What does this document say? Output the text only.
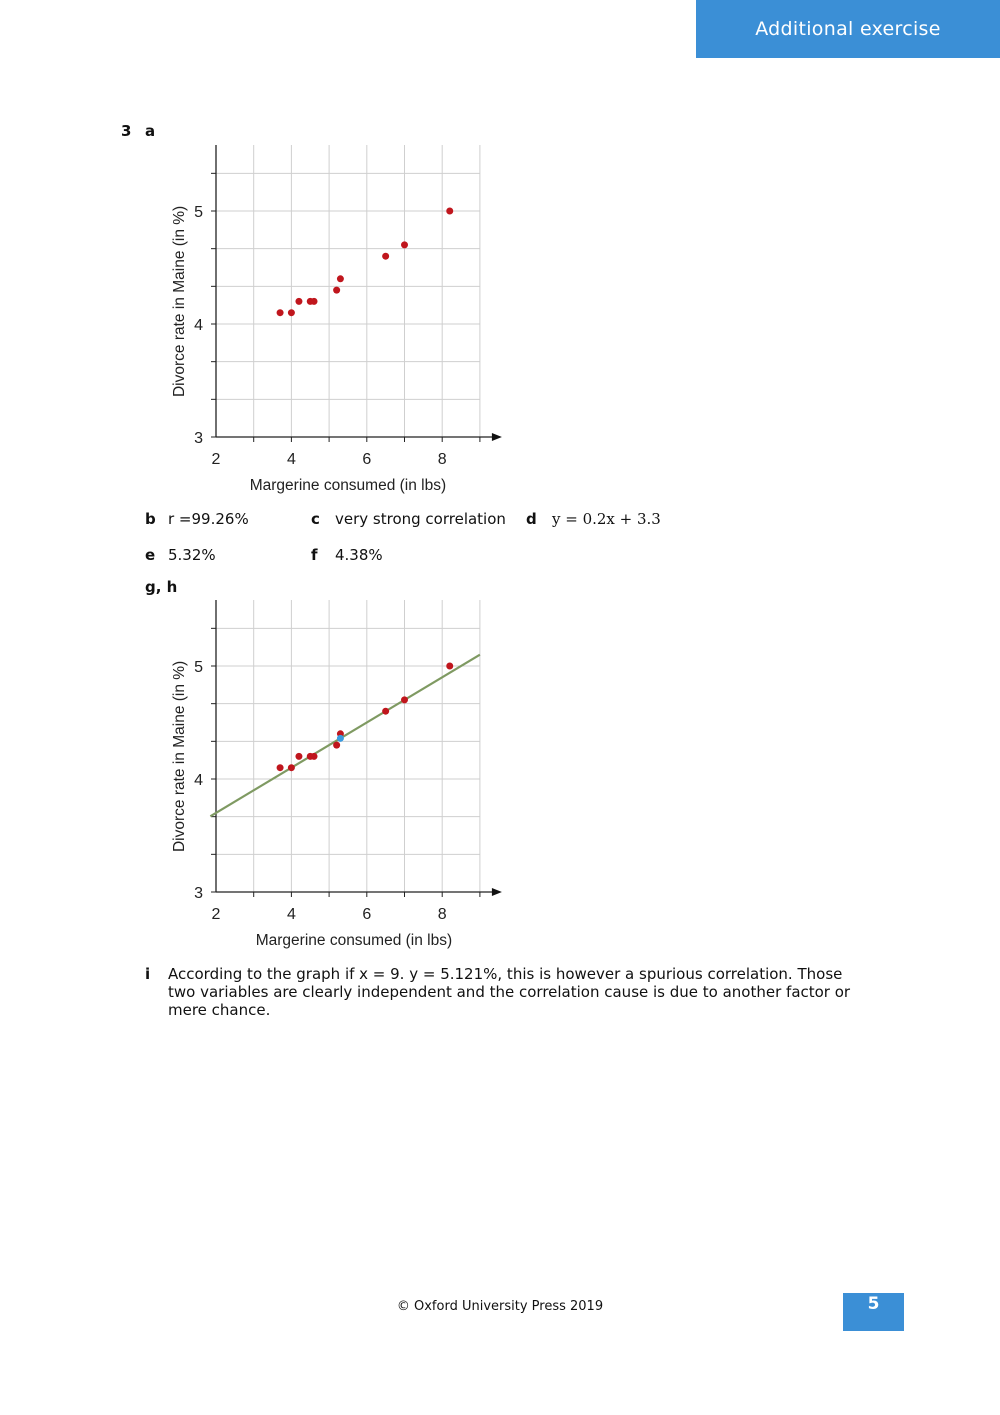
Additional exercise
3 a
2	4	6	8
3
4
5
Margerine consumed (in lbs)
Divorce rate in Maine (in %)
b r =99.26%	c very strong correlation d y = 0.2x + 3.3
e 5.32%	f 4.38%
g, h
2	4	6	8
3
4
5
Margerine consumed (in lbs)
Divorce rate in Maine (in %)
i According to the graph if x = 9. y = 5.121%, this is however a spurious correlation. Those two variables are clearly independent and the correlation cause is due to another factor or mere chance.
© Oxford University Press 2019	5
